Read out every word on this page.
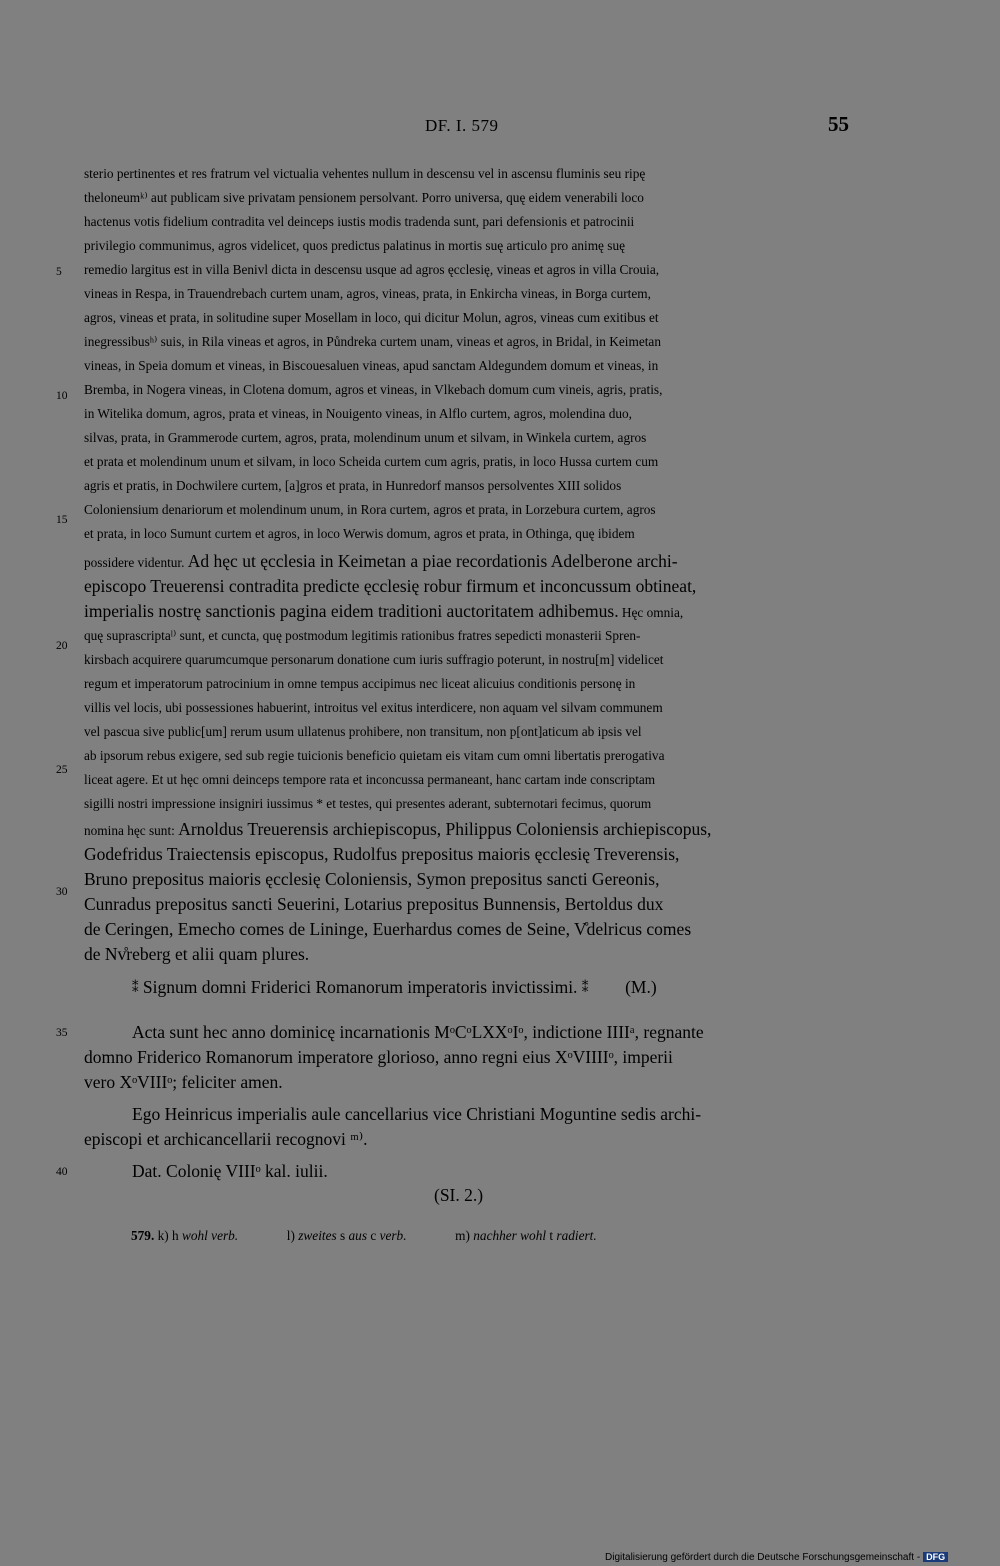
DF. I. 579	55
sterio pertinentes et res fratrum vel victualia vehentes nullum in descensu vel in ascensu fluminis seu ripę
theloneumᵏ⁾ aut publicam sive privatam pensionem persolvant. Porro universa, quę eidem venerabili loco
hactenus votis fidelium contradita vel deinceps iustis modis tradenda sunt, pari defensionis et patrocinii
privilegio communimus, agros videlicet, quos predictus palatinus in mortis suę articulo pro animę suę
remedio largitus est in villa Benivl dicta in descensu usque ad agros ęcclesię, vineas et agros in villa Crouia,
vineas in Respa, in Trauendrebach curtem unam, agros, vineas, prata, in Enkircha vineas, in Borga curtem,
agros, vineas et prata, in solitudine super Mosellam in loco, qui dicitur Molun, agros, vineas cum exitibus et
inegressibusʰ⁾ suis, in Rila vineas et agros, in Půndreka curtem unam, vineas et agros, in Bridal, in Keimetan
vineas, in Speia domum et vineas, in Biscouesaluen vineas, apud sanctam Aldegundem domum et vineas, in
Bremba, in Nogera vineas, in Clotena domum, agros et vineas, in Vlkebach domum cum vineis, agris, pratis,
in Witelika domum, agros, prata et vineas, in Nouigento vineas, in Alflo curtem, agros, molendina duo,
silvas, prata, in Grammerode curtem, agros, prata, molendinum unum et silvam, in Winkela curtem, agros
et prata et molendinum unum et silvam, in loco Scheida curtem cum agris, pratis, in loco Hussa curtem cum
agris et pratis, in Dochwilere curtem, [a]gros et prata, in Hunredorf mansos persolventes XIII solidos
Coloniensium denariorum et molendinum unum, in Rora curtem, agros et prata, in Lorzebura curtem, agros
et prata, in loco Sumunt curtem et agros, in loco Werwis domum, agros et prata, in Othinga, quę ibidem
possidere videntur. Ad hęc ut ęcclesia in Keimetan a piae recordationis Adelberone archi-
episcopo Treuerensi contradita predicte ęcclesię robur firmum et inconcussum obtineat,
imperialis nostrę sanctionis pagina eidem traditioni auctoritatem adhibemus. Hęc omnia,
quę suprascriptaˡ⁾ sunt, et cuncta, quę postmodum legitimis rationibus fratres sepedicti monasterii Spren-
kirsbach acquirere quarumcumque personarum donatione cum iuris suffragio poterunt, in nostru[m] videlicet
regum et imperatorum patrocinium in omne tempus accipimus nec liceat alicuius conditionis personę in
villis vel locis, ubi possessiones habuerint, introitus vel exitus interdicere, non aquam vel silvam communem
vel pascua sive public[um] rerum usum ullatenus prohibere, non transitum, non p[ont]aticum ab ipsis vel
ab ipsorum rebus exigere, sed sub regie tuicionis beneficio quietam eis vitam cum omni libertatis prerogativa
liceat agere. Et ut hęc omni deinceps tempore rata et inconcussa permaneant, hanc cartam inde conscriptam
sigilli nostri impressione insigniri iussimus * et testes, qui presentes aderant, subternotari fecimus, quorum
nomina hęc sunt: Arnoldus Treuerensis archiepiscopus, Philippus Coloniensis archiepiscopus,
Godefridus Traiectensis episcopus, Rudolfus prepositus maioris ęcclesię Treverensis,
Bruno prepositus maioris ęcclesię Coloniensis, Symon prepositus sancti Gereonis,
Cunradus prepositus sancti Seuerini, Lotarius prepositus Bunnensis, Bertoldus dux
de Ceringen, Emecho comes de Lininge, Euerhardus comes de Seine, V̊delricus comes
de Nv̊reberg et alii quam plures.
⁑ Signum domni Friderici Romanorum imperatoris invictissimi. ⁑ (M.)
Acta sunt hec anno dominicę incarnationis MᵒCᵒLXXᵒIᵒ, indictione IIIIᵃ, regnante
domno Friderico Romanorum imperatore glorioso, anno regni eius XᵒVIIIIᵒ, imperii
vero XᵒVIIIᵒ; feliciter amen.
Ego Heinricus imperialis aule cancellarius vice Christiani Moguntine sedis archi-
episcopi et archicancellarii recognovi ᵐ⁾.
Dat. Colonię VIIIᵒ kal. iulii.
(SI. 2.)
5
10
15
20
25
30
35
40
579. k) h wohl verb.	l) zweites s aus c verb.	m) nachher wohl t radiert.
Digitalisierung gefördert durch die Deutsche Forschungsgemeinschaft - DFG
